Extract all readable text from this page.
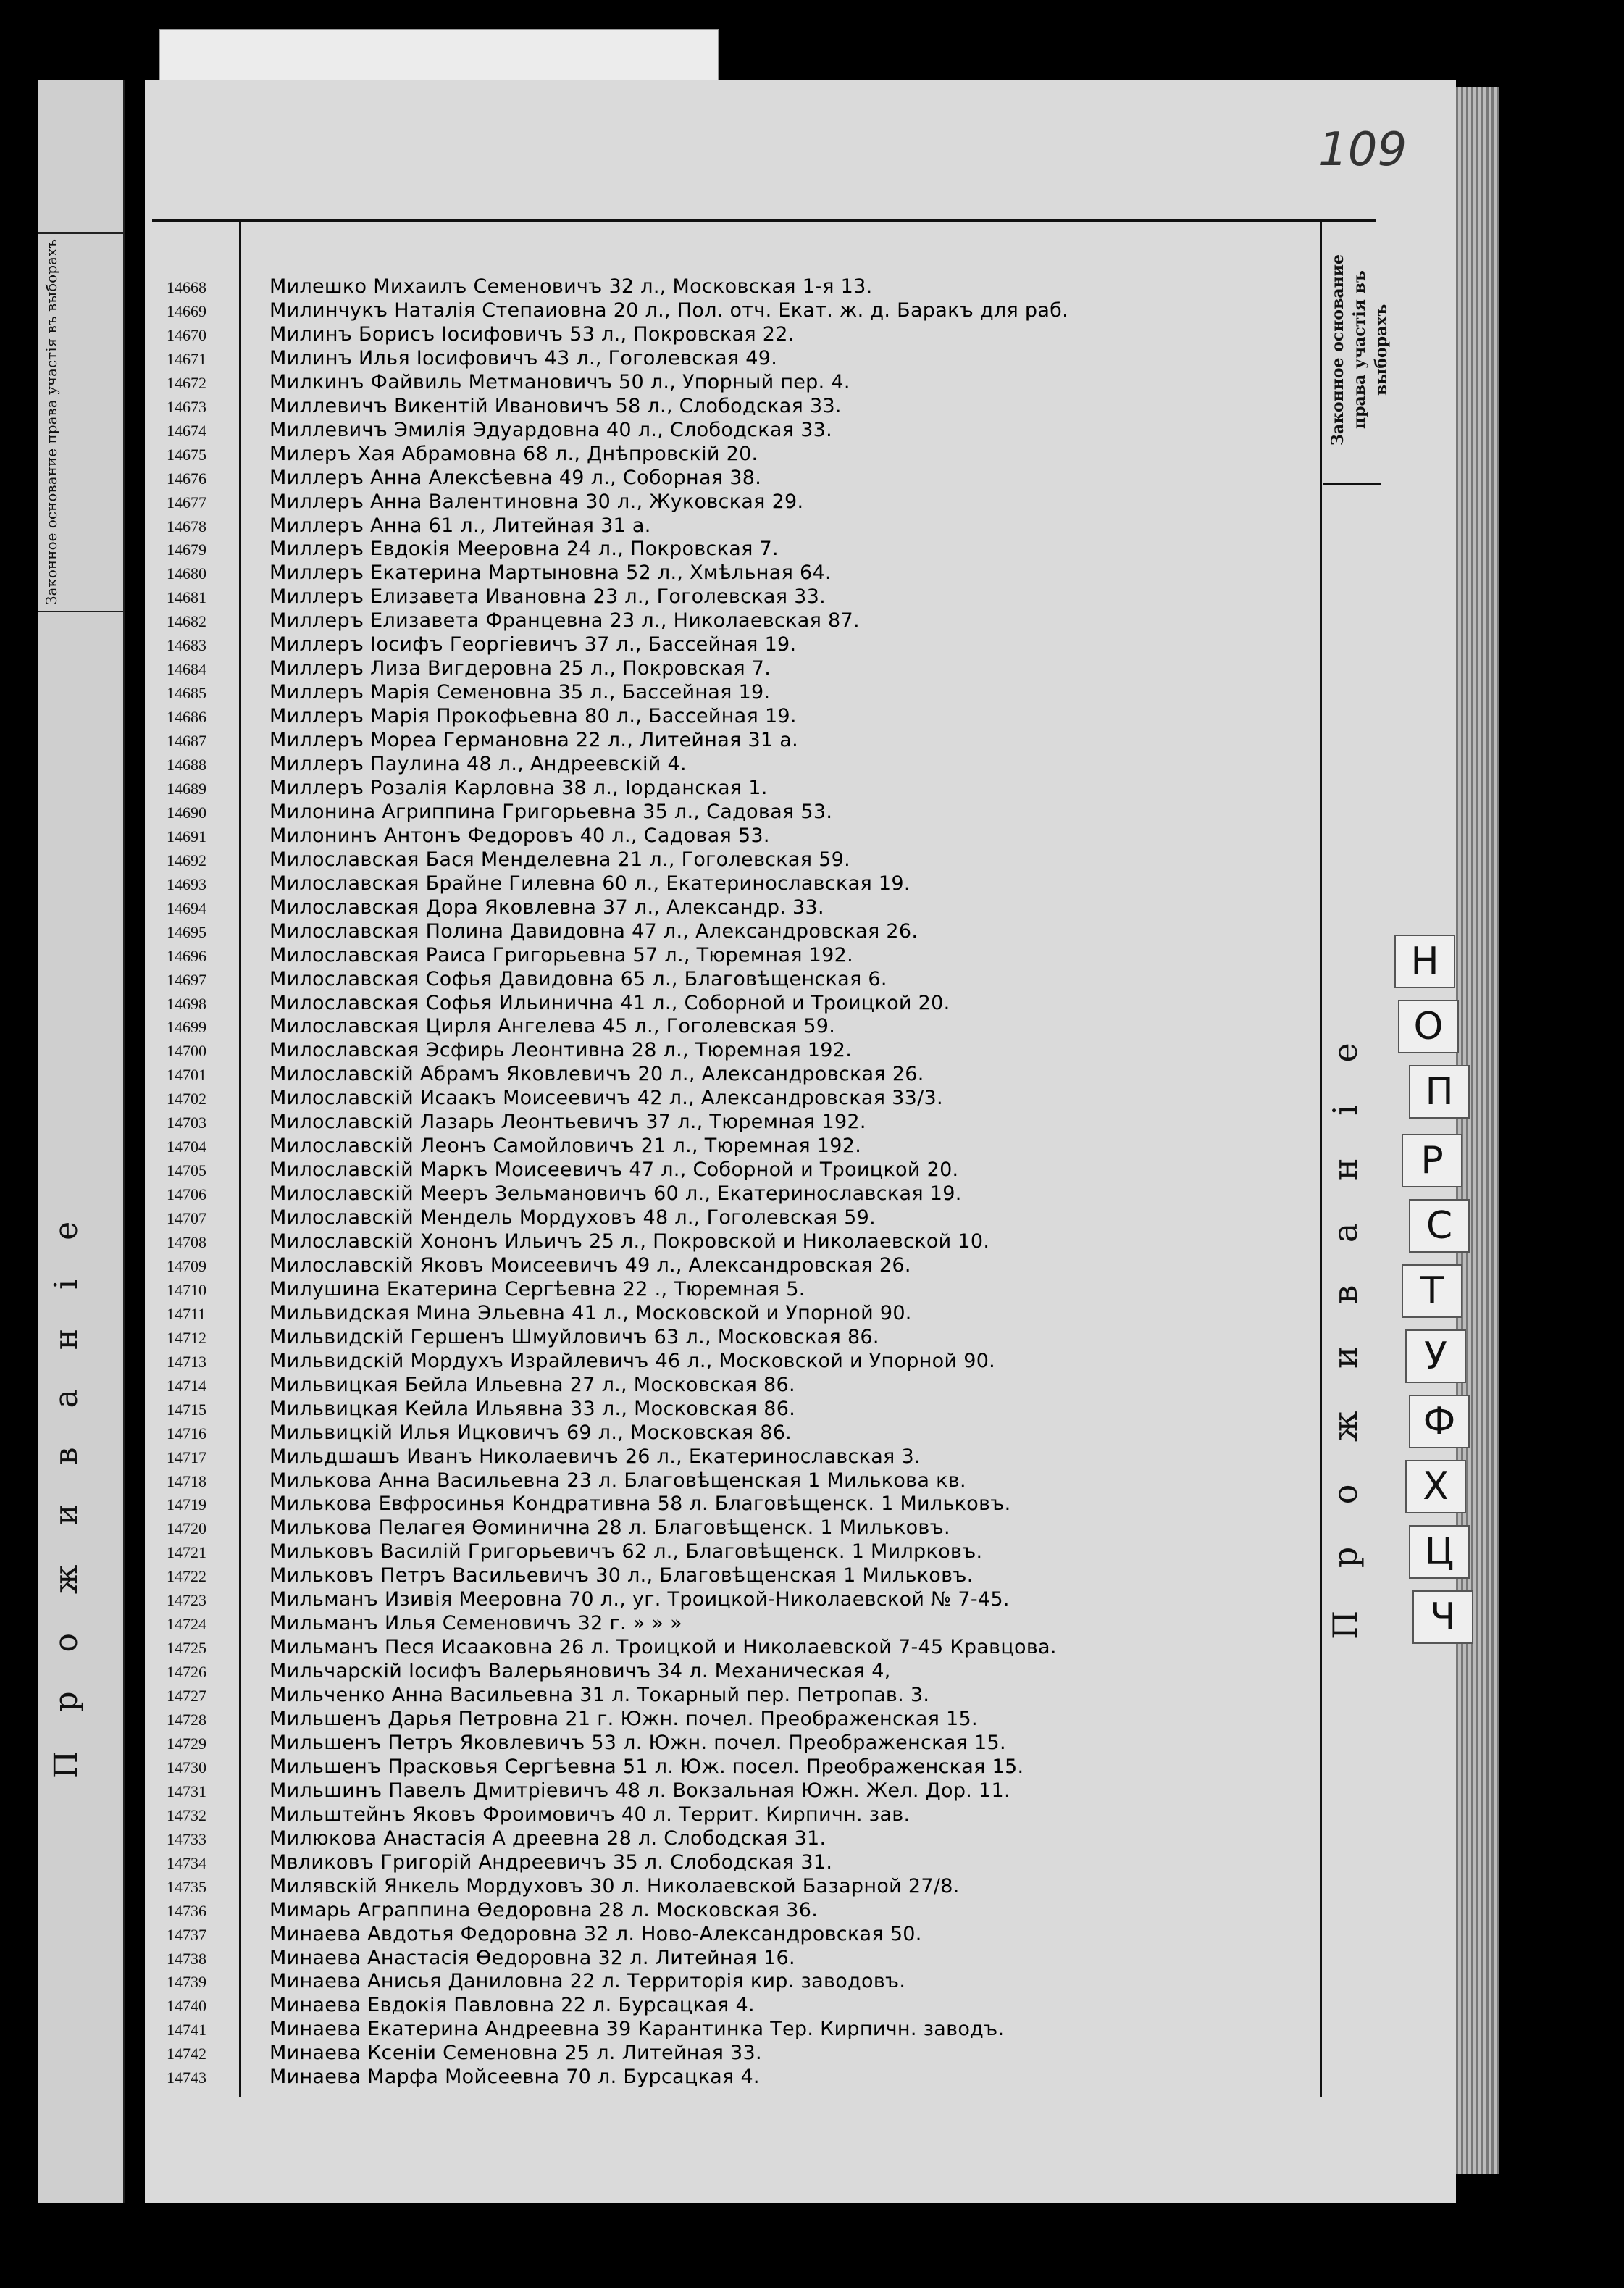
Законное основание права участія въ выборахъ
П р о ж и в а н і е
109
Законное основание права участія въ выборахъ
П р о ж и в а н і е
Н
О
П
Р
С
Т
У
Ф
Х
Ц
Ч
14668	Милешко Михаилъ Семеновичъ 32 л., Московская 1-я 13.
14669	Милинчукъ Наталія Степаиовна 20 л., Пол. отч. Екат. ж. д. Баракъ для раб.
14670	Милинъ Борисъ Іосифовичъ 53 л., Покровская 22.
14671	Милинъ Илья Іосифовичъ 43 л., Гоголевская 49.
14672	Милкинъ Файвиль Метмановичъ 50 л., Упорный пер. 4.
14673	Миллевичъ Викентій Ивановичъ 58 л., Слободская 33.
14674	Миллевичъ Эмилія Эдуардовна 40 л., Слободская 33.
14675	Милеръ Хая Абрамовна 68 л., Днѣпровскій 20.
14676	Миллеръ Анна Алексѣевна 49 л., Соборная 38.
14677	Миллеръ Анна Валентиновна 30 л., Жуковская 29.
14678	Миллеръ Анна 61 л., Литейная 31 а.
14679	Миллеръ Евдокія Мееровна 24 л., Покровская 7.
14680	Миллеръ Екатерина Мартыновна 52 л., Хмѣльная 64.
14681	Миллеръ Елизавета Ивановна 23 л., Гоголевская 33.
14682	Миллеръ Елизавета Францевна 23 л., Николаевская 87.
14683	Миллеръ Іосифъ Георгіевичъ 37 л., Бассейная 19.
14684	Миллеръ Лиза Вигдеровна 25 л., Покровская 7.
14685	Миллеръ Марія Семеновна 35 л., Бассейная 19.
14686	Миллеръ Марія Прокофьевна 80 л., Бассейная 19.
14687	Миллеръ Мореа Германовна 22 л., Литейная 31 а.
14688	Миллеръ Паулина 48 л., Андреевскій 4.
14689	Миллеръ Розалія Карловна 38 л., Іорданская 1.
14690	Милонина Агриппина Григорьевна 35 л., Садовая 53.
14691	Милонинъ Антонъ Федоровъ 40 л., Садовая 53.
14692	Милославская Бася Менделевна 21 л., Гоголевская 59.
14693	Милославская Брайне Гилевна 60 л., Екатеринославская 19.
14694	Милославская Дора Яковлевна 37 л., Александр. 33.
14695	Милославская Полина Давидовна 47 л., Александровская 26.
14696	Милославская Раиса Григорьевна 57 л., Тюремная 192.
14697	Милославская Софья Давидовна 65 л., Благовѣщенская 6.
14698	Милославская Софья Ильинична 41 л., Соборной и Троицкой 20.
14699	Милославская Цирля Ангелева 45 л., Гоголевская 59.
14700	Милославская Эсфирь Леонтивна 28 л., Тюремная 192.
14701	Милославскій Абрамъ Яковлевичъ 20 л., Александровская 26.
14702	Милославскій Исаакъ Моисеевичъ 42 л., Александровская 33/3.
14703	Милославскій Лазарь Леонтьевичъ 37 л., Тюремная 192.
14704	Милославскій Леонъ Самойловичъ 21 л., Тюремная 192.
14705	Милославскій Маркъ Моисеевичъ 47 л., Соборной и Троицкой 20.
14706	Милославскій Мееръ Зельмановичъ 60 л., Екатеринославская 19.
14707	Милославскій Мендель Мордуховъ 48 л., Гоголевская 59.
14708	Милославскій Хононъ Ильичъ 25 л., Покровской и Николаевской 10.
14709	Милославскій Яковъ Моисеевичъ 49 л., Александровская 26.
14710	Милушина Екатерина Сергѣевна 22 ., Тюремная 5.
14711	Мильвидская Мина Эльевна 41 л., Московской и Упорной 90.
14712	Мильвидскій Гершенъ Шмуйловичъ 63 л., Московская 86.
14713	Мильвидскій Мордухъ Израйлевичъ 46 л., Московской и Упорной 90.
14714	Мильвицкая Бейла Ильевна 27 л., Московская 86.
14715	Мильвицкая Кейла Ильявна 33 л., Московская 86.
14716	Мильвицкій Илья Ицковичъ 69 л., Московская 86.
14717	Мильдшашъ Иванъ Николаевичъ 26 л., Екатеринославская 3.
14718	Милькова Анна Васильевна 23 л. Благовѣщенская 1 Милькова кв.
14719	Милькова Евфросинья Кондративна 58 л. Благовѣщенск. 1 Мильковъ.
14720	Милькова Пелагея Ѳоминична 28 л. Благовѣщенск. 1 Мильковъ.
14721	Мильковъ Василій Григорьевичъ 62 л., Благовѣщенск. 1 Милрковъ.
14722	Мильковъ Петръ Васильевичъ 30 л., Благовѣщенская 1 Мильковъ.
14723	Мильманъ Изивія Мееровна 70 л., уг. Троицкой-Николаевской № 7-45.
14724	Мильманъ Илья Семеновичъ 32 г. » » »
14725	Мильманъ Песя Исааковна 26 л. Троицкой и Николаевской 7-45 Кравцова.
14726	Мильчарскій Іосифъ Валерьяновичъ 34 л. Механическая 4,
14727	Мильченко Анна Васильевна 31 л. Токарный пер. Петропав. 3.
14728	Мильшенъ Дарья Петровна 21 г. Южн. почел. Преображенская 15.
14729	Мильшенъ Петръ Яковлевичъ 53 л. Южн. почел. Преображенская 15.
14730	Мильшенъ Прасковья Сергѣевна 51 л. Юж. посел. Преображенская 15.
14731	Мильшинъ Павелъ Дмитріевичъ 48 л. Вокзальная Южн. Жел. Дор. 11.
14732	Мильштейнъ Яковъ Фроимовичъ 40 л. Террит. Кирпичн. зав.
14733	Милюкова Анастасія А дреевна 28 л. Слободская 31.
14734	Мвликовъ Григорій Андреевичъ 35 л. Слободская 31.
14735	Милявскій Янкель Мордуховъ 30 л. Николаевской Базарной 27/8.
14736	Мимарь Аграппина Ѳедоровна 28 л. Московская 36.
14737	Минаева Авдотья Федоровна 32 л. Ново-Александровская 50.
14738	Минаева Анастасія Ѳедоровна 32 л. Литейная 16.
14739	Минаева Анисья Даниловна 22 л. Территорія кир. заводовъ.
14740	Минаева Евдокія Павловна 22 л. Бурсацкая 4.
14741	Минаева Екатерина Андреевна 39 Карантинка Тер. Кирпичн. заводъ.
14742	Минаева Ксеніи Семеновна 25 л. Литейная 33.
14743	Минаева Марфа Мойсеевна 70 л. Бурсацкая 4.
